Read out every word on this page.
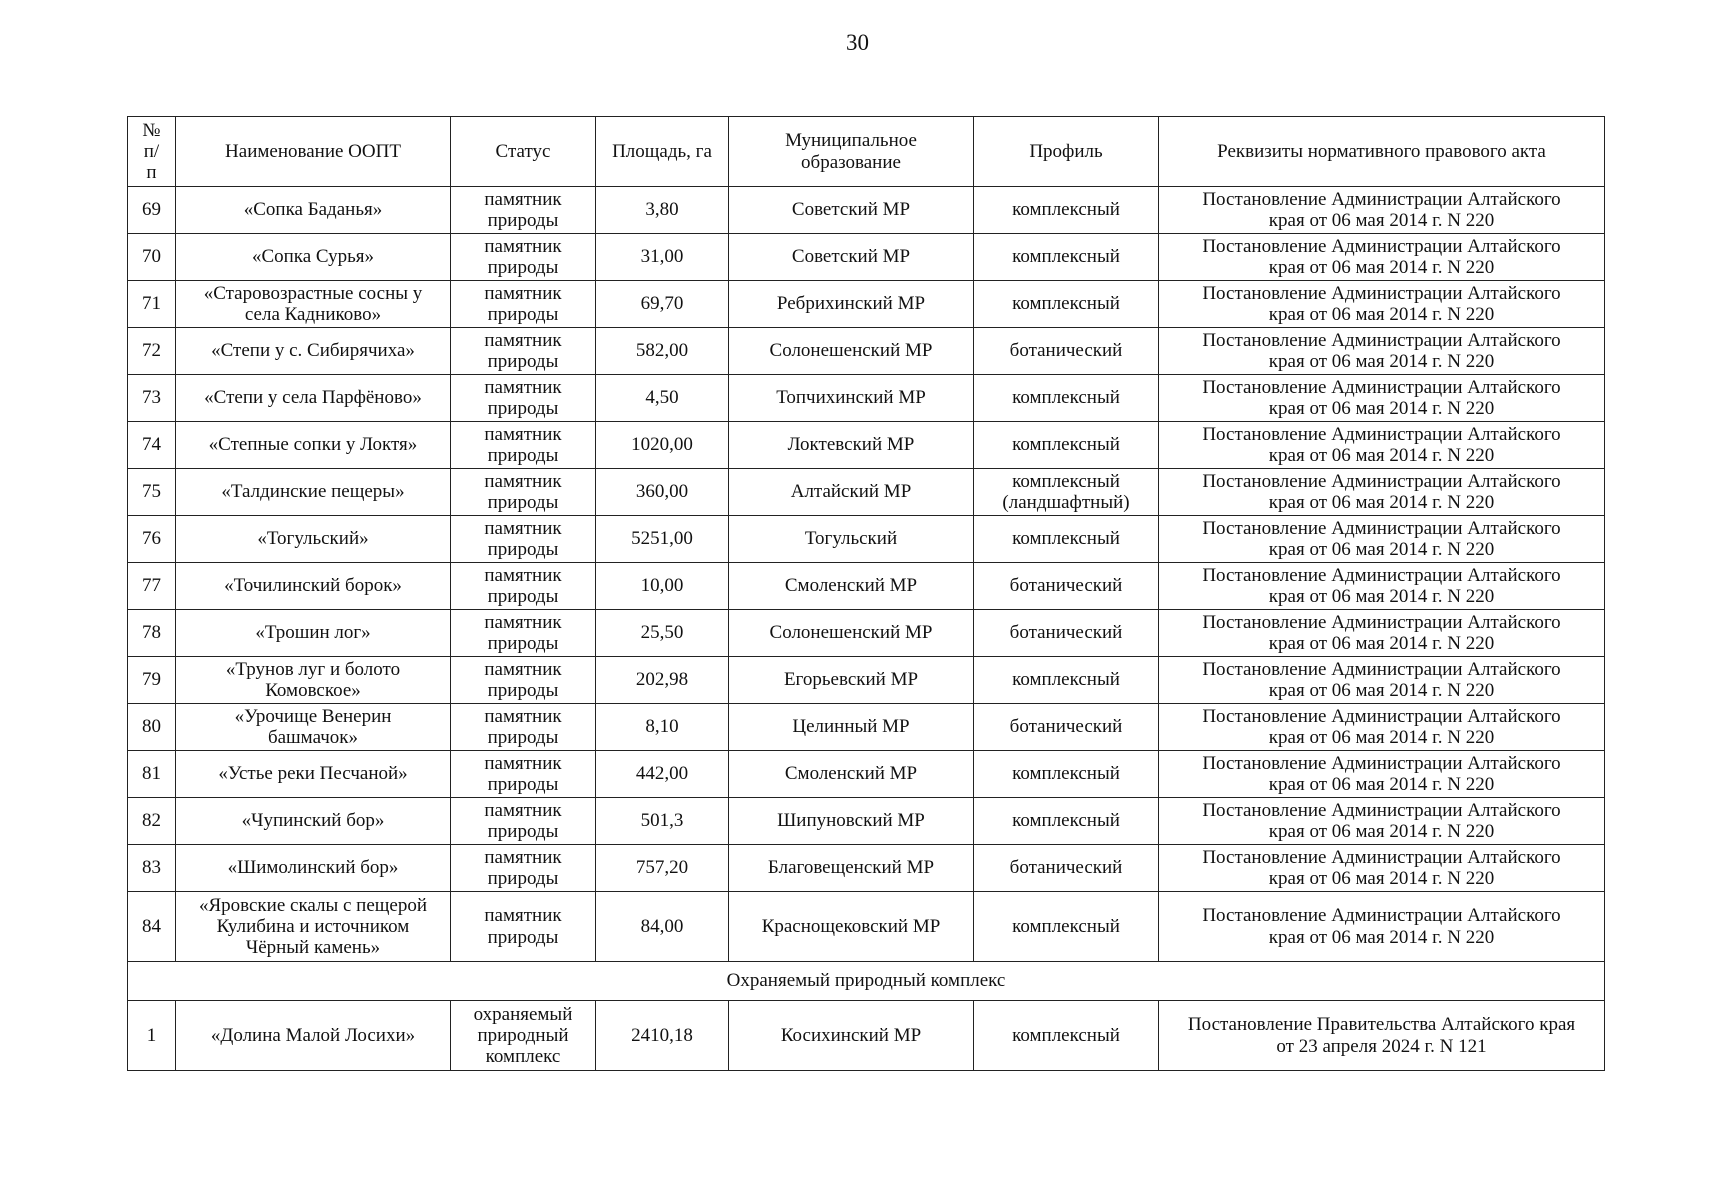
30
№
п/
п	Наименование ООПТ	Статус	Площадь, га	Муниципальное
образование	Профиль	Реквизиты нормативного правового акта
69	«Сопка Баданья»	памятник
природы	3,80	Советский МР	комплексный	Постановление Администрации Алтайского
края от 06 мая 2014 г. N 220
70	«Сопка Сурья»	памятник
природы	31,00	Советский МР	комплексный	Постановление Администрации Алтайского
края от 06 мая 2014 г. N 220
71	«Старовозрастные сосны у
села Кадниково»	памятник
природы	69,70	Ребрихинский МР	комплексный	Постановление Администрации Алтайского
края от 06 мая 2014 г. N 220
72	«Степи у с. Сибирячиха»	памятник
природы	582,00	Солонешенский МР	ботанический	Постановление Администрации Алтайского
края от 06 мая 2014 г. N 220
73	«Степи у села Парфёново»	памятник
природы	4,50	Топчихинский МР	комплексный	Постановление Администрации Алтайского
края от 06 мая 2014 г. N 220
74	«Степные сопки у Локтя»	памятник
природы	1020,00	Локтевский МР	комплексный	Постановление Администрации Алтайского
края от 06 мая 2014 г. N 220
75	«Талдинские пещеры»	памятник
природы	360,00	Алтайский МР	комплексный
(ландшафтный)	Постановление Администрации Алтайского
края от 06 мая 2014 г. N 220
76	«Тогульский»	памятник
природы	5251,00	Тогульский	комплексный	Постановление Администрации Алтайского
края от 06 мая 2014 г. N 220
77	«Точилинский борок»	памятник
природы	10,00	Смоленский МР	ботанический	Постановление Администрации Алтайского
края от 06 мая 2014 г. N 220
78	«Трошин лог»	памятник
природы	25,50	Солонешенский МР	ботанический	Постановление Администрации Алтайского
края от 06 мая 2014 г. N 220
79	«Трунов луг и болото
Комовское»	памятник
природы	202,98	Егорьевский МР	комплексный	Постановление Администрации Алтайского
края от 06 мая 2014 г. N 220
80	«Урочище Венерин
башмачок»	памятник
природы	8,10	Целинный МР	ботанический	Постановление Администрации Алтайского
края от 06 мая 2014 г. N 220
81	«Устье реки Песчаной»	памятник
природы	442,00	Смоленский МР	комплексный	Постановление Администрации Алтайского
края от 06 мая 2014 г. N 220
82	«Чупинский бор»	памятник
природы	501,3	Шипуновский МР	комплексный	Постановление Администрации Алтайского
края от 06 мая 2014 г. N 220
83	«Шимолинский бор»	памятник
природы	757,20	Благовещенский МР	ботанический	Постановление Администрации Алтайского
края от 06 мая 2014 г. N 220
84	«Яровские скалы с пещерой
Кулибина и источником
Чёрный камень»	памятник
природы	84,00	Краснощековский МР	комплексный	Постановление Администрации Алтайского
края от 06 мая 2014 г. N 220
Охраняемый природный комплекс						
1	«Долина Малой Лосихи»	охраняемый
природный
комплекс	2410,18	Косихинский МР	комплексный	Постановление Правительства Алтайского края
от 23 апреля 2024 г. N 121
